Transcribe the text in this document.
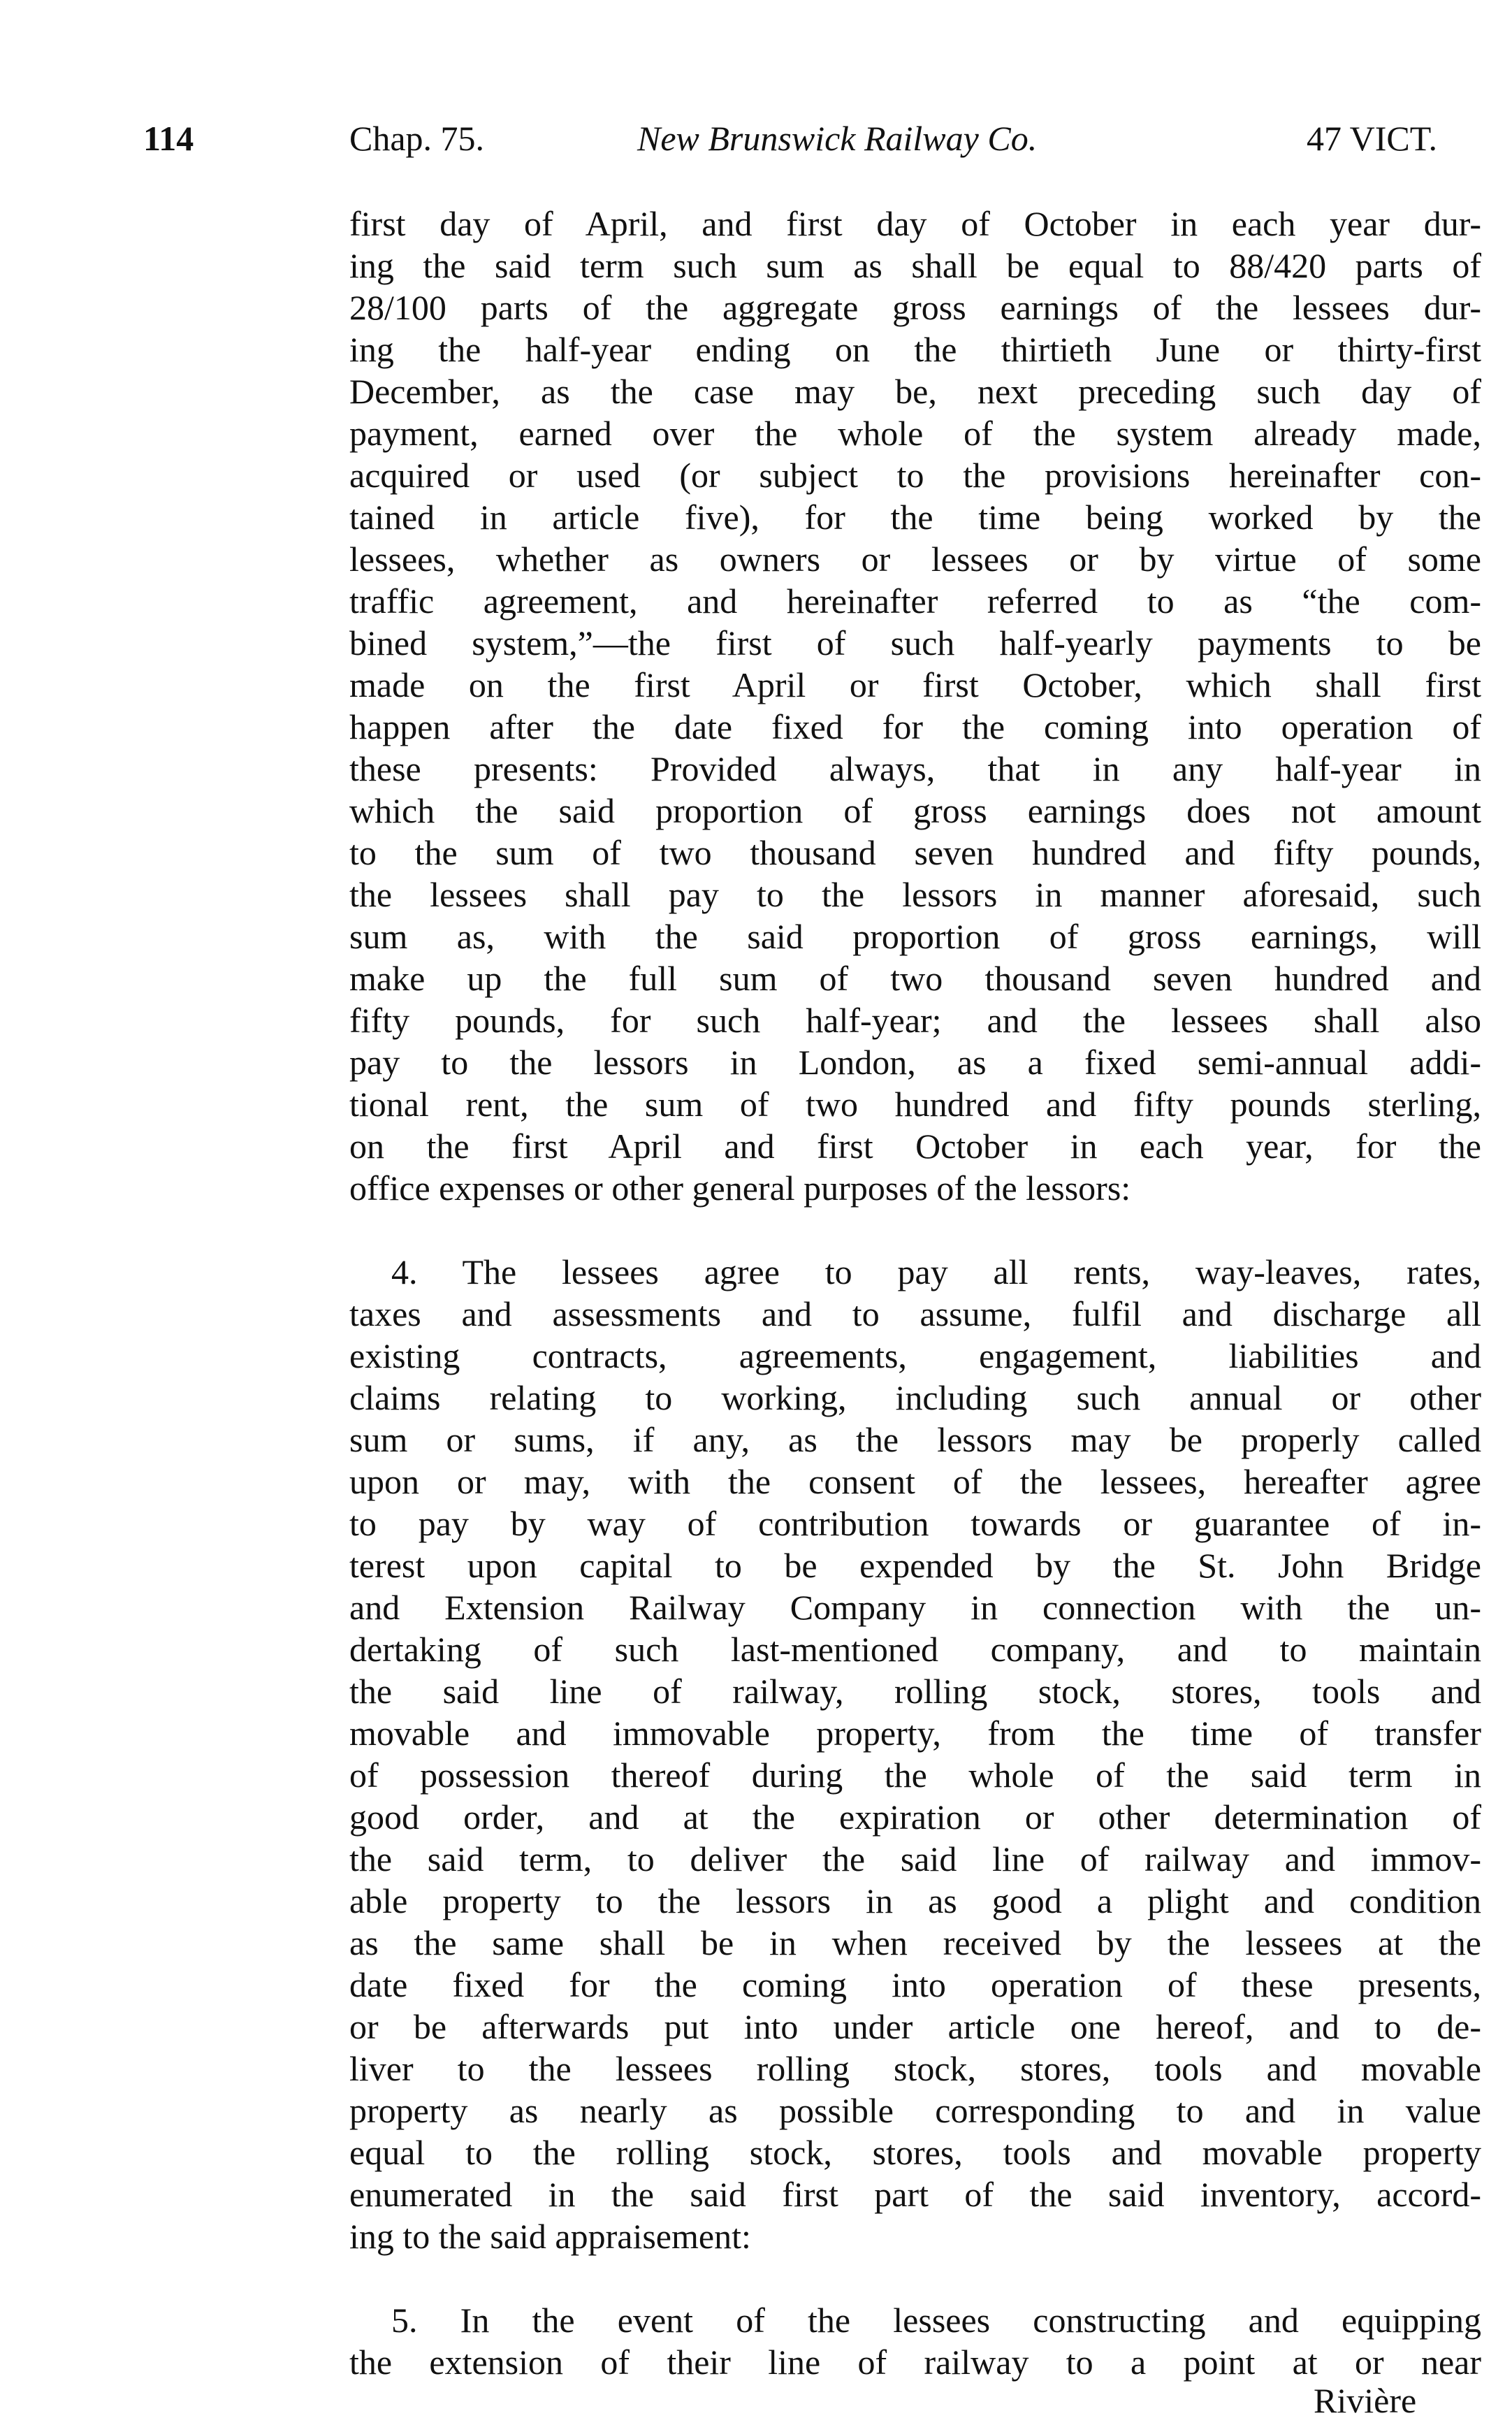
114	Chap. 75.	New Brunswick Railway Co.	47 VICT.
first day of April, and first day of October in each year dur-
ing the said term such sum as shall be equal to 88/420 parts of
28/100 parts of the aggregate gross earnings of the lessees dur-
ing the half-year ending on the thirtieth June or thirty-first
December, as the case may be, next preceding such day of
payment, earned over the whole of the system already made,
acquired or used (or subject to the provisions hereinafter con-
tained in article five), for the time being worked by the
lessees, whether as owners or lessees or by virtue of some
traffic agreement, and hereinafter referred to as “the com-
bined system,”—the first of such half-yearly payments to be
made on the first April or first October, which shall first
happen after the date fixed for the coming into operation of
these presents: Provided always, that in any half-year in
which the said proportion of gross earnings does not amount
to the sum of two thousand seven hundred and fifty pounds,
the lessees shall pay to the lessors in manner aforesaid, such
sum as, with the said proportion of gross earnings, will
make up the full sum of two thousand seven hundred and
fifty pounds, for such half-year; and the lessees shall also
pay to the lessors in London, as a fixed semi-annual addi-
tional rent, the sum of two hundred and fifty pounds sterling,
on the first April and first October in each year, for the
office expenses or other general purposes of the lessors:
4. The lessees agree to pay all rents, way-leaves, rates,
taxes and assessments and to assume, fulfil and discharge all
existing contracts, agreements, engagement, liabilities and
claims relating to working, including such annual or other
sum or sums, if any, as the lessors may be properly called
upon or may, with the consent of the lessees, hereafter agree
to pay by way of contribution towards or guarantee of in-
terest upon capital to be expended by the St. John Bridge
and Extension Railway Company in connection with the un-
dertaking of such last-mentioned company, and to maintain
the said line of railway, rolling stock, stores, tools and
movable and immovable property, from the time of transfer
of possession thereof during the whole of the said term in
good order, and at the expiration or other determination of
the said term, to deliver the said line of railway and immov-
able property to the lessors in as good a plight and condition
as the same shall be in when received by the lessees at the
date fixed for the coming into operation of these presents,
or be afterwards put into under article one hereof, and to de-
liver to the lessees rolling stock, stores, tools and movable
property as nearly as possible corresponding to and in value
equal to the rolling stock, stores, tools and movable property
enumerated in the said first part of the said inventory, accord-
ing to the said appraisement:
5. In the event of the lessees constructing and equipping
the extension of their line of railway to a point at or near
Rivière
